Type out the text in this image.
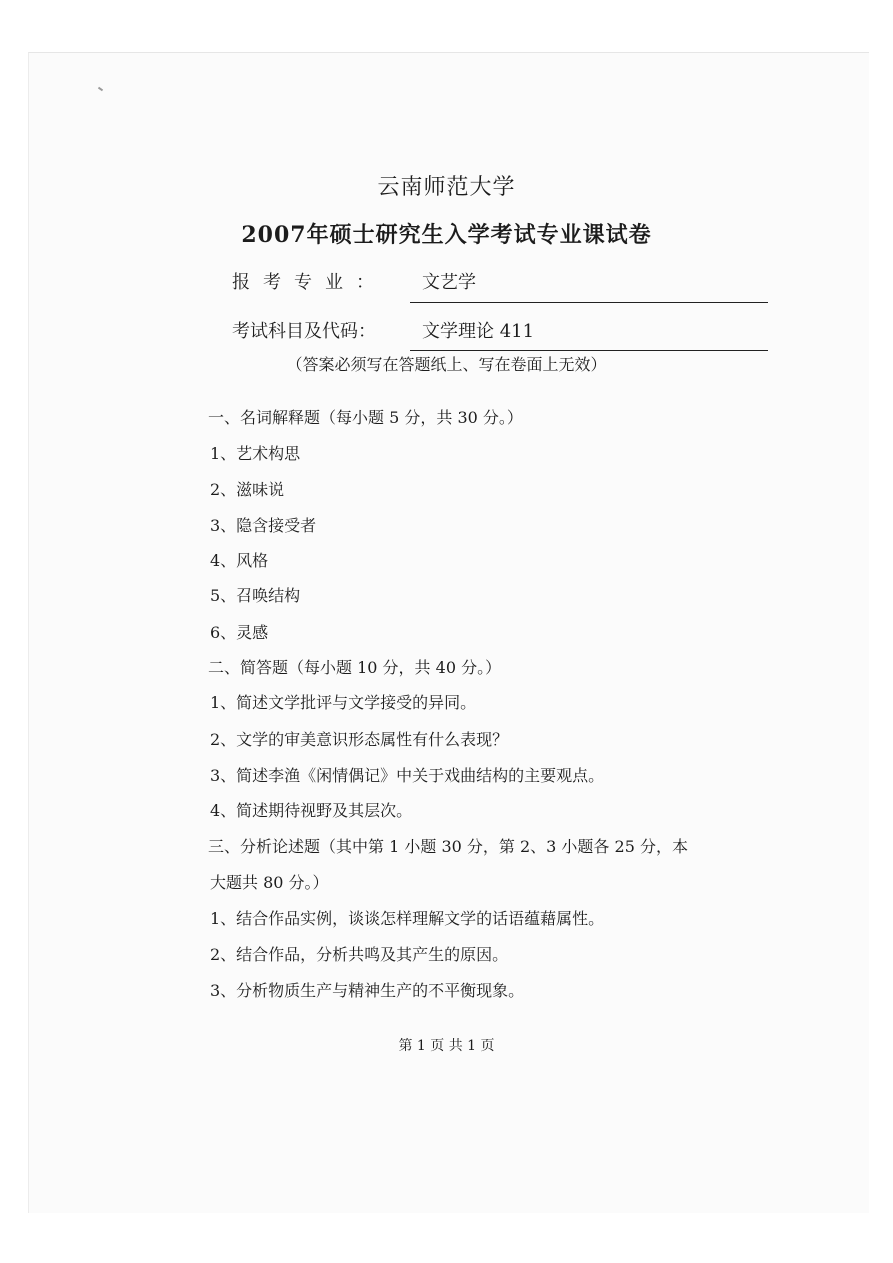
云南师范大学
2007年硕士研究生入学考试专业课试卷
报考专业： 文艺学
考试科目及代码：	文学理论 411
（答案必须写在答题纸上、写在卷面上无效）
一、名词解释题（每小题 5 分，共 30 分。）
1、艺术构思
2、滋味说
3、隐含接受者
4、风格
5、召唤结构
6、灵感
二、简答题（每小题 10 分，共 40 分。）
1、简述文学批评与文学接受的异同。
2、文学的审美意识形态属性有什么表现？
3、简述李渔《闲情偶记》中关于戏曲结构的主要观点。
4、简述期待视野及其层次。
三、分析论述题（其中第 1 小题 30 分，第 2、3 小题各 25 分，本
大题共 80 分。）
1、结合作品实例，谈谈怎样理解文学的话语蕴藉属性。
2、结合作品，分析共鸣及其产生的原因。
3、分析物质生产与精神生产的不平衡现象。
第 1 页 共 1 页
